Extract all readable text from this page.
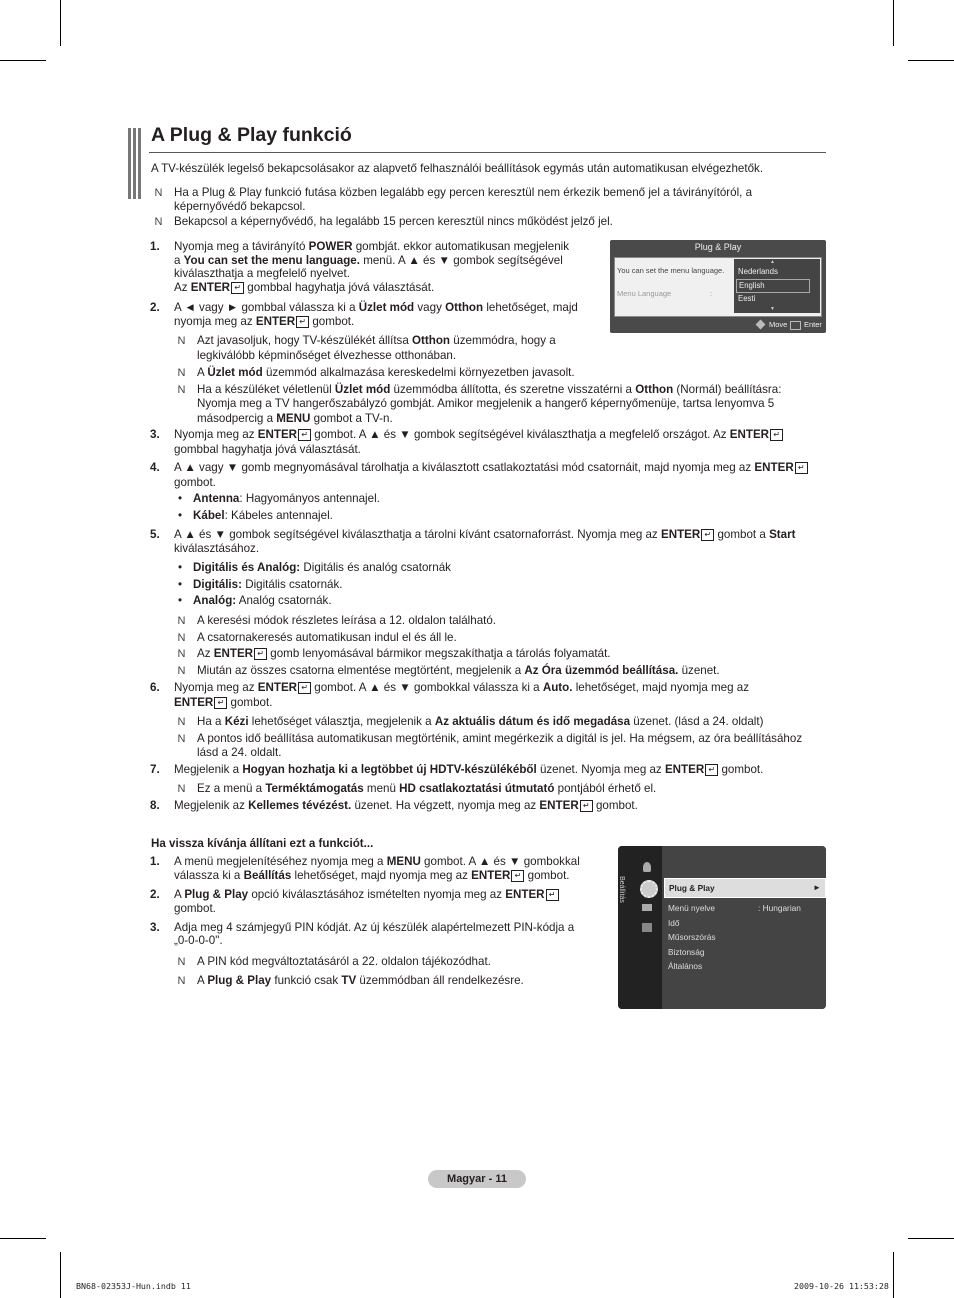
A Plug & Play funkció
A TV-készülék legelső bekapcsolásakor az alapvető felhasználói beállítások egymás után automatikusan elvégezhetők.
N Ha a Plug & Play funkció futása közben legalább egy percen keresztül nem érkezik bemenő jel a távirányítóról, a
képernyővédő bekapcsol.
N Bekapcsol a képernyővédő, ha legalább 15 percen keresztül nincs működést jelző jel.
1. Nyomja meg a távirányító POWER gombját. ekkor automatikusan megjelenik
a You can set the menu language. menü. A ▲ és ▼ gombok segítségével
kiválaszthatja a megfelelő nyelvet.
Az ENTER ↵ gombbal hagyhatja jóvá választását.
2. A ◄ vagy ► gombbal válassza ki a Üzlet mód vagy Otthon lehetőséget, majd
nyomja meg az ENTER ↵ gombot.
N Azt javasoljuk, hogy TV-készülékét állítsa Otthon üzemmódra, hogy a
legkiválóbb képminőséget élvezhesse otthonában.
N A Üzlet mód üzemmód alkalmazása kereskedelmi környezetben javasolt.
N Ha a készüléket véletlenül Üzlet mód üzemmódba állította, és szeretne visszatérni a Otthon (Normál) beállításra:
Nyomja meg a TV hangerőszabályzó gombját. Amikor megjelenik a hangerő képernyőmenüje, tartsa lenyomva 5
másodpercig a MENU gombot a TV-n.
3. Nyomja meg az ENTER ↵ gombot. A ▲ és ▼ gombok segítségével kiválaszthatja a megfelelő országot. Az ENTER ↵
gombbal hagyhatja jóvá választását.
4. A ▲ vagy ▼ gomb megnyomásával tárolhatja a kiválasztott csatlakoztatási mód csatornáit, majd nyomja meg az ENTER ↵
gombot.
• Antenna: Hagyományos antennajel.
• Kábel: Kábeles antennajel.
5. A ▲ és ▼ gombok segítségével kiválaszthatja a tárolni kívánt csatornaforrást. Nyomja meg az ENTER ↵ gombot a Start
kiválasztásához.
• Digitális és Analóg: Digitális és analóg csatornák
• Digitális: Digitális csatornák.
• Analóg: Analóg csatornák.
N A keresési módok részletes leírása a 12. oldalon található.
N A csatornakeresés automatikusan indul el és áll le.
N Az ENTER ↵ gomb lenyomásával bármikor megszakíthatja a tárolás folyamatát.
N Miután az összes csatorna elmentése megtörtént, megjelenik a Az Óra üzemmód beállítása. üzenet.
6. Nyomja meg az ENTER ↵ gombot. A ▲ és ▼ gombokkal válassza ki a Auto. lehetőséget, majd nyomja meg az
ENTER ↵ gombot.
N Ha a Kézi lehetőséget választja, megjelenik a Az aktuális dátum és idő megadása üzenet. (lásd a 24. oldalt)
N A pontos idő beállítása automatikusan megtörténik, amint megérkezik a digitál is jel. Ha mégsem, az óra beállításához
lásd a 24. oldalt.
7. Megjelenik a Hogyan hozhatja ki a legtöbbet új HDTV-készülékéből üzenet. Nyomja meg az ENTER ↵ gombot.
N Ez a menü a Terméktámogatás menü HD csatlakoztatási útmutató pontjából érhető el.
8. Megjelenik az Kellemes tévézést. üzenet. Ha végzett, nyomja meg az ENTER ↵ gombot.
Ha vissza kívánja állítani ezt a funkciót...
1. A menü megjelenítéséhez nyomja meg a MENU gombot. A ▲ és ▼ gombokkal
válassza ki a Beállítás lehetőséget, majd nyomja meg az ENTER ↵ gombot.
2. A Plug & Play opció kiválasztásához ismételten nyomja meg az ENTER ↵
gombot.
3. Adja meg 4 számjegyű PIN kódját. Az új készülék alapértelmezett PIN-kódja a
„0-0-0-0".
N A PIN kód megváltoztatásáról a 22. oldalon tájékozódhat.
N A Plug & Play funkció csak TV üzemmódban áll rendelkezésre.
Plug & Play
You can set the menu language.
Menu Language	:
▲
Nederlands
English
Eesti
▼
Move Enter
Beállítás	Plug & Play	►
Menü nyelve	: Hungarian
Idő
Műsorszórás
Biztonság
Általános
Magyar - 11
BN68-02353J-Hun.indb 11	2009-10-26 11:53:28
